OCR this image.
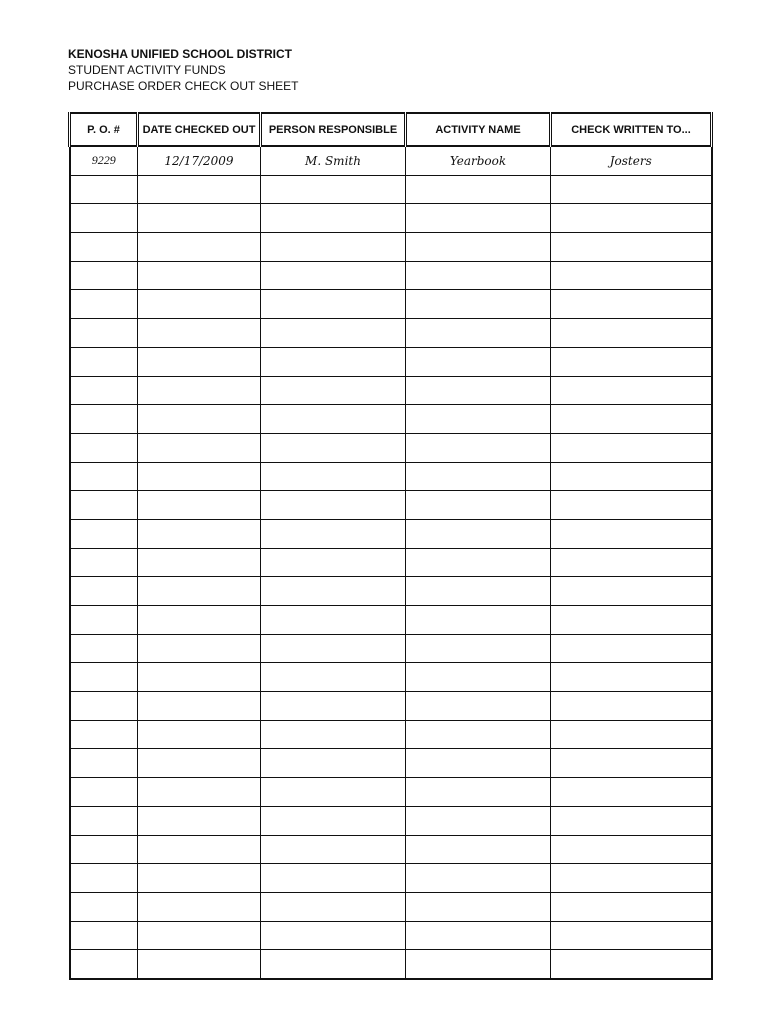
KENOSHA UNIFIED SCHOOL DISTRICT
STUDENT ACTIVITY FUNDS
PURCHASE ORDER CHECK OUT SHEET
P. O. #	DATE CHECKED OUT	PERSON RESPONSIBLE	ACTIVITY NAME	CHECK WRITTEN TO...
9229	12/17/2009	M. Smith	Yearbook	Josters
